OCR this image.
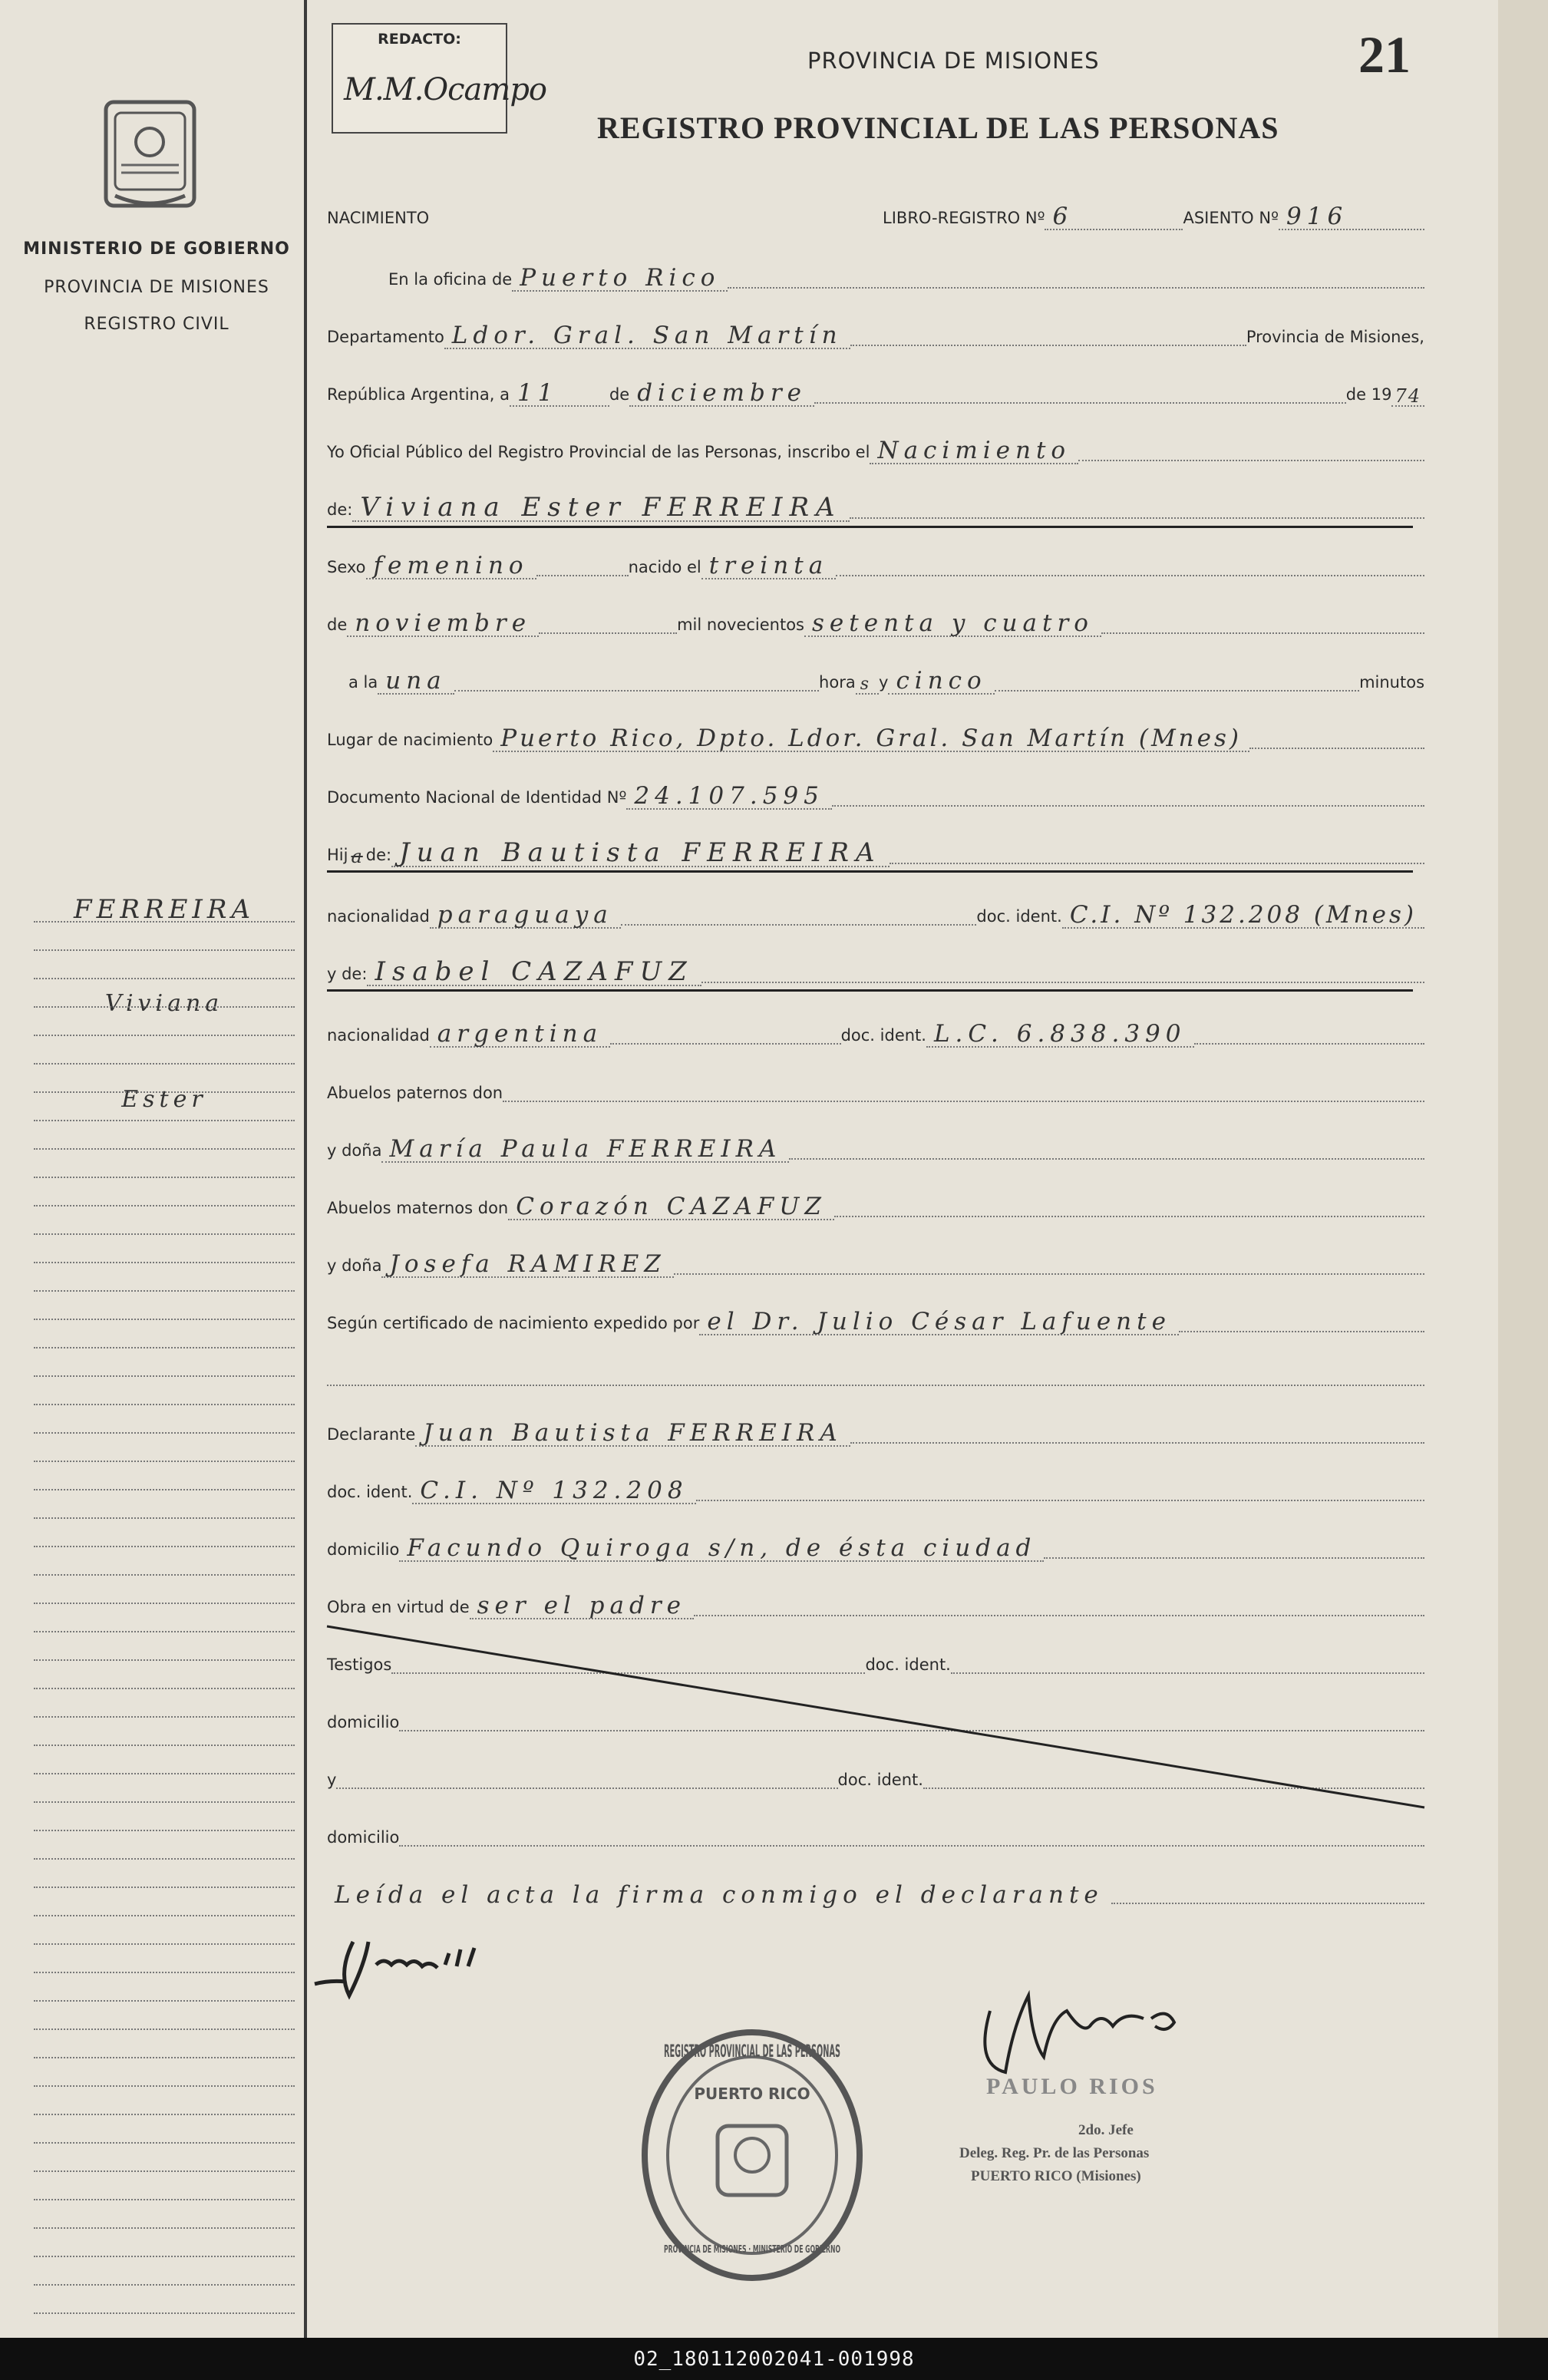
MINISTERIO DE GOBIERNO
PROVINCIA DE MISIONES
REGISTRO CIVIL
FERREIRA
Viviana
Ester
REDACTO:
M.M.Ocampo
PROVINCIA DE MISIONES
REGISTRO PROVINCIAL DE LAS PERSONAS
21
NACIMIENTO	LIBRO-REGISTRO Nº 6	ASIENTO Nº 916
En la oficina de Puerto Rico
Departamento Ldor. Gral. San Martín	Provincia de Misiones,
República Argentina, a 11	de diciembre	de 19 74
Yo Oficial Público del Registro Provincial de las Personas, inscribo el Nacimiento
de: Viviana Ester FERREIRA
Sexo femenino	nacido el treinta
de noviembre	mil novecientos setenta y cuatro
a la una	hora s y cinco	minutos
Lugar de nacimiento Puerto Rico, Dpto. Ldor. Gral. San Martín (Mnes)
Documento Nacional de Identidad Nº 24.107.595
Hij a de: Juan Bautista FERREIRA
nacionalidad paraguaya	doc. ident. C.I. Nº 132.208 (Mnes)
y de: Isabel CAZAFUZ
nacionalidad argentina	doc. ident. L.C. 6.838.390
Abuelos paternos don
y doña María Paula FERREIRA
Abuelos maternos don Corazón CAZAFUZ
y doña Josefa RAMIREZ
Según certificado de nacimiento expedido por el Dr. Julio César Lafuente
Declarante Juan Bautista FERREIRA
doc. ident. C.I. Nº 132.208
domicilio Facundo Quiroga s/n, de ésta ciudad
Obra en virtud de ser el padre
Testigos	doc. ident.
domicilio
y	doc. ident.
domicilio
Leída el acta la firma conmigo el declarante
REGISTRO PROVINCIAL DE LAS PERSONAS
PUERTO RICO
PROVINCIA DE MISIONES · MINISTERIO DE GOBIERNO
PAULO RIOS
2do. Jefe
Deleg. Reg. Pr. de las Personas
PUERTO RICO (Misiones)
02_180112002041-001998
